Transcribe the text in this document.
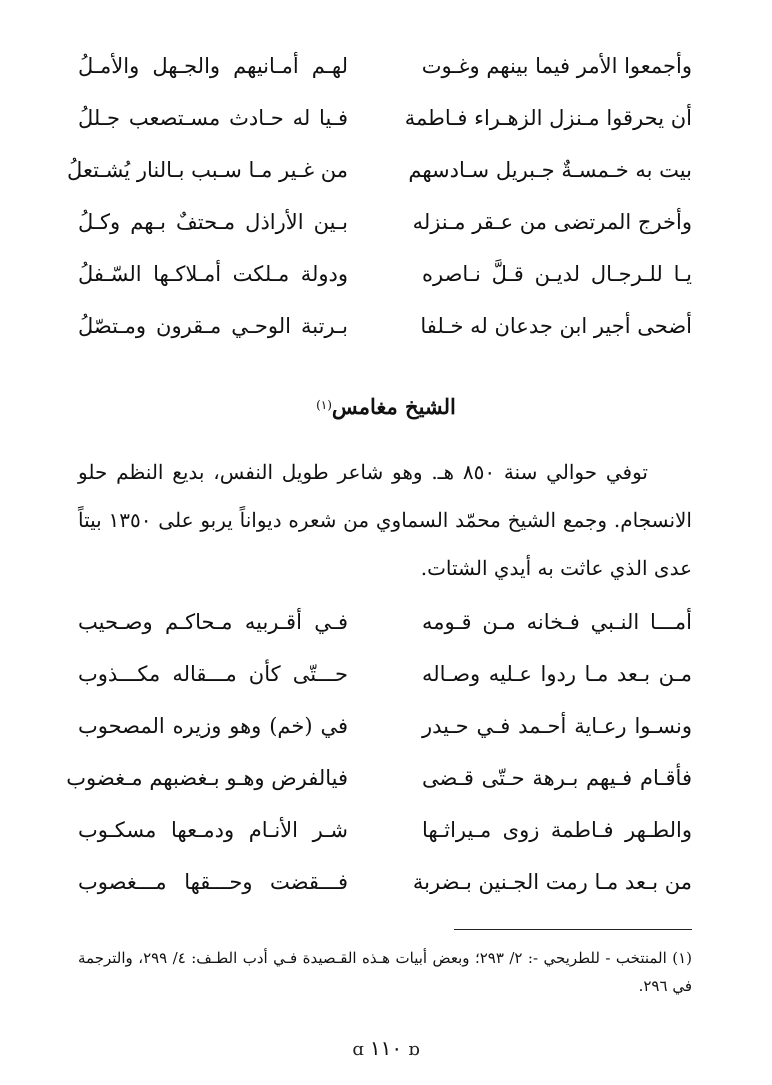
وأجمعوا الأمر فيما بينهم وغـوت
لهـم أمـانيهم والجـهل والأمـلُ
أن يحرقوا مـنزل الزهـراء فـاطمة
فـيا له حـادث مسـتصعب جـللُ
بيت به خـمسـةٌ جـبريل سـادسهم
من غـير مـا سـبب بـالنار يُشـتعلُ
وأخرج المرتضى من عـقر مـنزله
بـين الأراذل مـحتفٌ بـهم وكـلُ
يـا للـرجـال لديـن قـلَّ نـاصره
ودولة مـلكت أمـلاكـها السّـفلُ
أضحى أجير ابن جدعان له خـلفا
بـرتبة الوحـي مـقرون ومـتصّلُ
الشيخ مغامس$^{(١)}$

توفي حوالي سنة ٨٥٠ هـ. وهو شاعر طويل النفس، بديع النظم حلو الانسجام. وجمع الشيخ محمّد السماوي من شعره ديواناً يربو على ١٣٥٠ بيتاً عدى الذي عاثت به أيدي الشتات.

أمـــا النـبي فـخانه مـن قـومه
فـي أقـربيه مـحاكـم وصـحيب
مـن بـعد مـا ردوا عـليه وصـاله
حـــتّى كأن مـــقاله مكـــذوب
ونسـوا رعـاية أحـمد فـي حـيدر
في (خم) وهو وزيره المصحوب
فأقـام فـيهم بـرهة حـتّى قـضى
فيالفرض وهـو بـغضبهم مـغضوب
والطـهر فـاطمة زوى مـيراثـها
شـر الأنـام ودمـعها مسكـوب
من بـعد مـا رمت الجـنين بـضربة
فـــقضت وحـــقها مـــغصوب

(١) المنتخب - للطريحي -: ٢/ ٢٩٣؛ وبعض أبيات هـذه القـصيدة فـي أدب الطـف: ٤/ ٢٩٩، والترجمة في ٢٩٦.

ɒ١١٠ɑ
